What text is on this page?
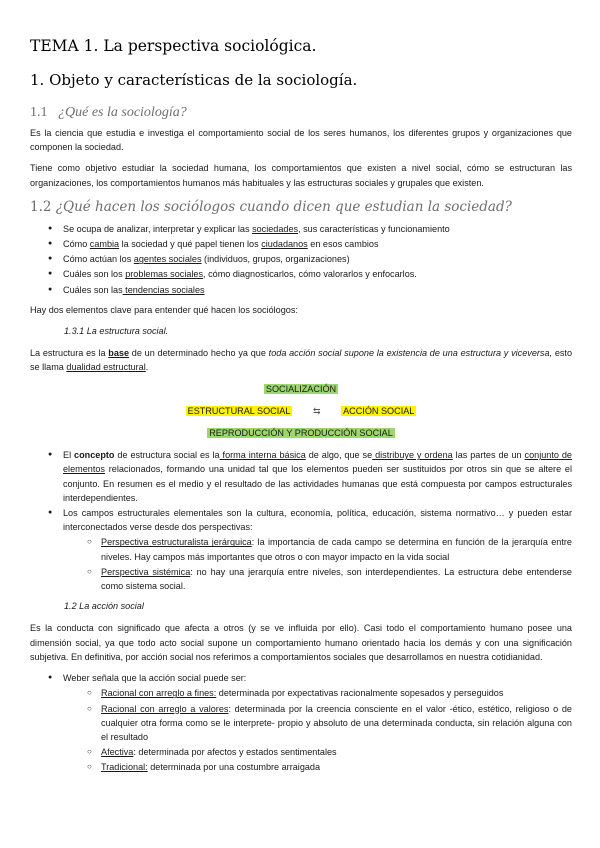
TEMA 1. La perspectiva sociológica.
1. Objeto y características de la sociología.
1.1 ¿Qué es la sociología?

Es la ciencia que estudia e investiga el comportamiento social de los seres humanos, los diferentes grupos y organizaciones que componen la sociedad.

Tiene como objetivo estudiar la sociedad humana, los comportamientos que existen a nivel social, cómo se estructuran las organizaciones, los comportamientos humanos más habituales y las estructuras sociales y grupales que existen.

1.2 ¿Qué hacen los sociólogos cuando dicen que estudian la sociedad?
● Se ocupa de analizar, interpretar y explicar las sociedades, sus características y funcionamiento
● Cómo cambia la sociedad y qué papel tienen los ciudadanos en esos cambios
● Cómo actúan los agentes sociales (individuos, grupos, organizaciones)
● Cuáles son los problemas sociales, cómo diagnosticarlos, cómo valorarlos y enfocarlos.
● Cuáles son las tendencias sociales

Hay dos elementos clave para entender qué hacen los sociólogos:

1.3.1 La estructura social.

La estructura es la base de un determinado hecho ya que toda acción social supone la existencia de una estructura y viceversa, esto se llama dualidad estructural.

SOCIALIZACIÓN
ESTRUCTURAL SOCIAL ⇆ ACCIÓN SOCIAL
REPRODUCCIÓN Y PRODUCCIÓN SOCIAL
● El concepto de estructura social es la forma interna básica de algo, que se distribuye y ordena las partes de un conjunto de elementos relacionados, formando una unidad tal que los elementos pueden ser sustituidos por otros sin que se altere el conjunto. En resumen es el medio y el resultado de las actividades humanas que está compuesta por campos estructurales interdependientes.
● Los campos estructurales elementales son la cultura, economía, política, educación, sistema normativo… y pueden estar interconectados verse desde dos perspectivas:
○ Perspectiva estructuralista jerárquica: la importancia de cada campo se determina en función de la jerarquía entre niveles. Hay campos más importantes que otros o con mayor impacto en la vida social
○ Perspectiva sistémica: no hay una jerarquía entre niveles, son interdependientes. La estructura debe entenderse como sistema social.
1.2 La acción social

Es la conducta con significado que afecta a otros (y se ve influida por ello). Casi todo el comportamiento humano posee una dimensión social, ya que todo acto social supone un comportamiento humano orientado hacia los demás y con una significación subjetiva. En definitiva, por acción social nos referimos a comportamientos sociales que desarrollamos en nuestra cotidianidad.

● Weber señala que la acción social puede ser:
○ Racional con arreglo a fines: determinada por expectativas racionalmente sopesados y perseguidos
○ Racional con arreglo a valores: determinada por la creencia consciente en el valor -ético, estético, religioso o de cualquier otra forma como se le interprete- propio y absoluto de una determinada conducta, sin relación alguna con el resultado
○ Afectiva: determinada por afectos y estados sentimentales
○ Tradicional: determinada por una costumbre arraigada
